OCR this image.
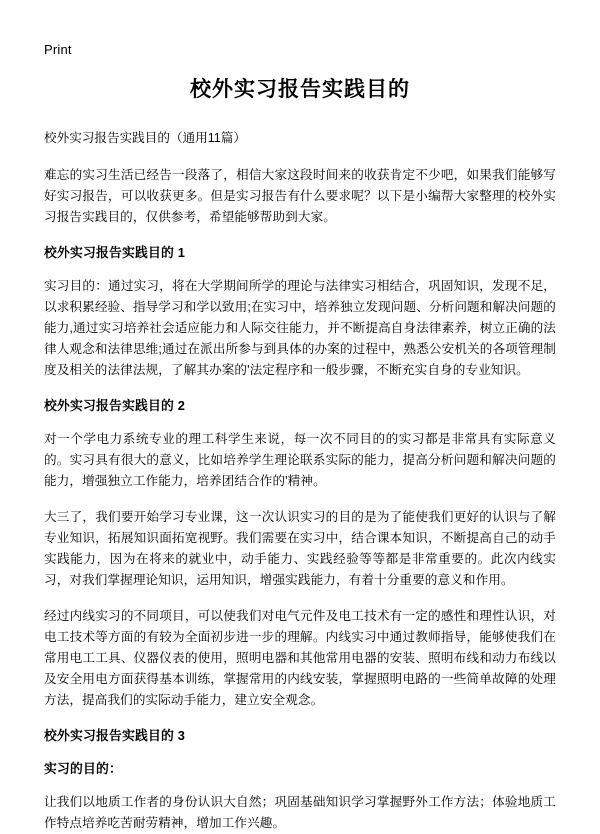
Print
校外实习报告实践目的

校外实习报告实践目的（通用11篇）

难忘的实习生活已经告一段落了，相信大家这段时间来的收获肯定不少吧，如果我们能够写好实习报告，可以收获更多。但是实习报告有什么要求呢？以下是小编帮大家整理的校外实习报告实践目的，仅供参考，希望能够帮助到大家。

校外实习报告实践目的 1

实习目的：通过实习，将在大学期间所学的理论与法律实习相结合，巩固知识，发现不足，以求积累经验、指导学习和学以致用;在实习中，培养独立发现问题、分析问题和解决问题的能力,通过实习培养社会适应能力和人际交往能力，并不断提高自身法律素养，树立正确的法律人观念和法律思维;通过在派出所参与到具体的办案的过程中，熟悉公安机关的各项管理制度及相关的法律法规，了解其办案的'法定程序和一般步骤，不断充实自身的专业知识。

校外实习报告实践目的 2

对一个学电力系统专业的理工科学生来说，每一次不同目的的实习都是非常具有实际意义的。实习具有很大的意义，比如培养学生理论联系实际的能力，提高分析问题和解决问题的能力，增强独立工作能力，培养团结合作的'精神。

大三了，我们要开始学习专业课，这一次认识实习的目的是为了能使我们更好的认识与了解专业知识，拓展知识面拓宽视野。我们需要在实习中，结合课本知识，不断提高自己的动手实践能力，因为在将来的就业中，动手能力、实践经验等等都是非常重要的。此次内线实习，对我们掌握理论知识，运用知识，增强实践能力，有着十分重要的意义和作用。

经过内线实习的不同项目，可以使我们对电气元件及电工技术有一定的感性和理性认识，对电工技术等方面的有较为全面初步进一步的理解。内线实习中通过教师指导，能够使我们在常用电工工具、仪器仪表的使用，照明电器和其他常用电器的安装、照明布线和动力布线以及安全用电方面获得基本训练，掌握常用的内线安装，掌握照明电路的一些简单故障的处理方法，提高我们的实际动手能力，建立安全观念。

校外实习报告实践目的 3
实习的目的：

让我们以地质工作者的身份认识大自然；巩固基础知识学习掌握野外工作方法；体验地质工作特点培养吃苦耐劳精神，增加工作兴趣。
